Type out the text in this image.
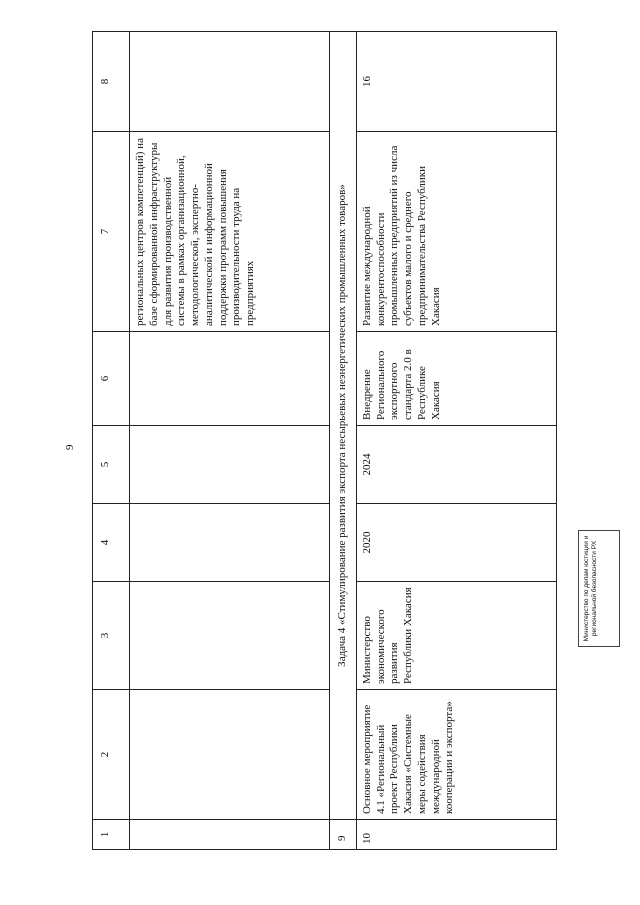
9
1	2	3	4	5	6	7	8
						региональных центров компетенций) на базе сформированной инфраструктуры для развития производственной системы в рамках организационной, методологической, экспертно-аналитической и информационной поддержки программ повышения производительности труда на предприятиях	
9	Задача 4 «Стимулирование развития экспорта несырьевых неэнергетических промышленных товаров»						
10	Основное мероприятие 4.1 «Региональный проект Республики Хакасия «Системные меры содействия международной кооперации и экспорта»	Министерство экономического развития Республики Хакасия	2020	2024	Внедрение Регионального экспортного стандарта 2.0 в Республике Хакасия	Развитие международной конкурентоспособности промышленных предприятий из числа субъектов малого и среднего предпринимательства Республики Хакасия	16
Министерство по делам юстиции и региональной безопасности РХ
